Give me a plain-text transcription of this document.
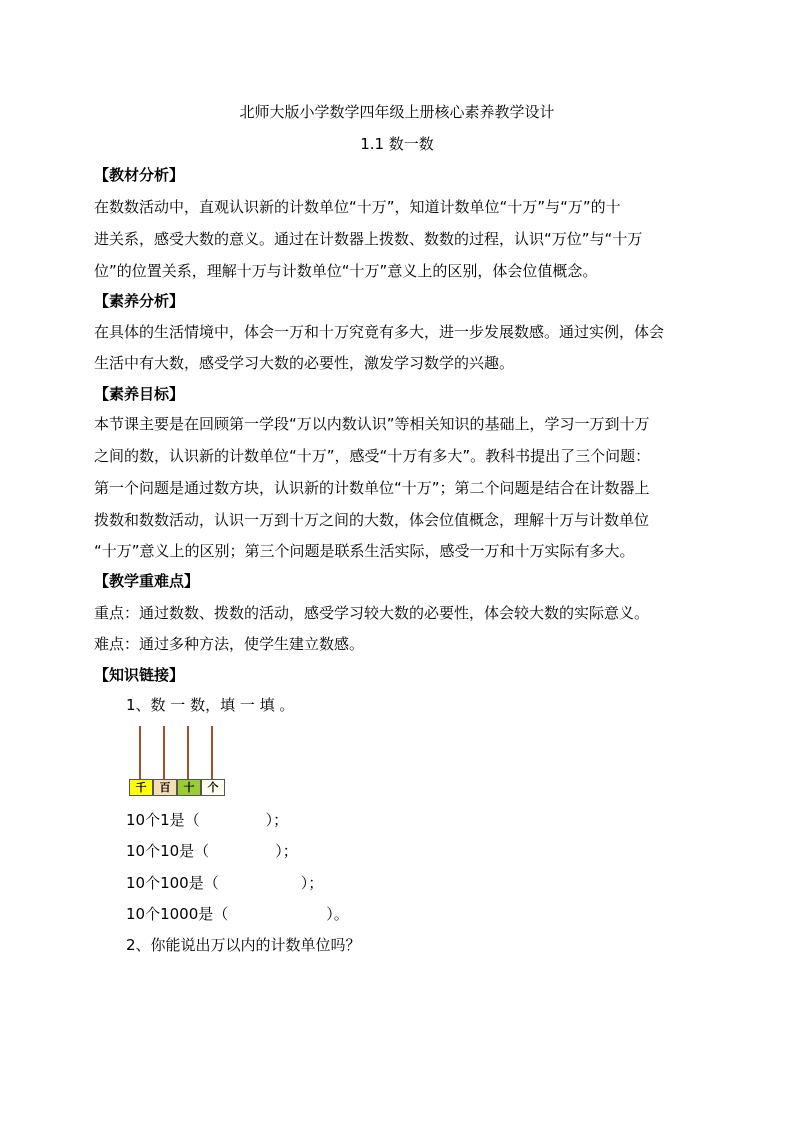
北师大版小学数学四年级上册核心素养教学设计
1.1 数一数
【教材分析】
在数数活动中，直观认识新的计数单位“十万”，知道计数单位“十万”与“万”的十
进关系，感受大数的意义。通过在计数器上拨数、数数的过程，认识“万位”与“十万
位”的位置关系，理解十万与计数单位“十万”意义上的区别，体会位值概念。
【素养分析】
在具体的生活情境中，体会一万和十万究竟有多大，进一步发展数感。通过实例，体会
生活中有大数，感受学习大数的必要性，激发学习数学的兴趣。
【素养目标】
本节课主要是在回顾第一学段“万以内数认识”等相关知识的基础上，学习一万到十万
之间的数，认识新的计数单位“十万”，感受“十万有多大”。教科书提出了三个问题：
第一个问题是通过数方块，认识新的计数单位“十万”；第二个问题是结合在计数器上
拨数和数数活动，认识一万到十万之间的大数，体会位值概念，理解十万与计数单位
“十万”意义上的区别；第三个问题是联系生活实际，感受一万和十万实际有多大。
【教学重难点】
重点：通过数数、拨数的活动，感受学习较大数的必要性，体会较大数的实际意义。
难点：通过多种方法，使学生建立数感。
【知识链接】
1、数 一 数，填 一 填 。
千	百	十	个
10个1是（	）；
10个10是（	）；
10个100是（	）；
10个1000是（	）。
2、你能说出万以内的计数单位吗？
